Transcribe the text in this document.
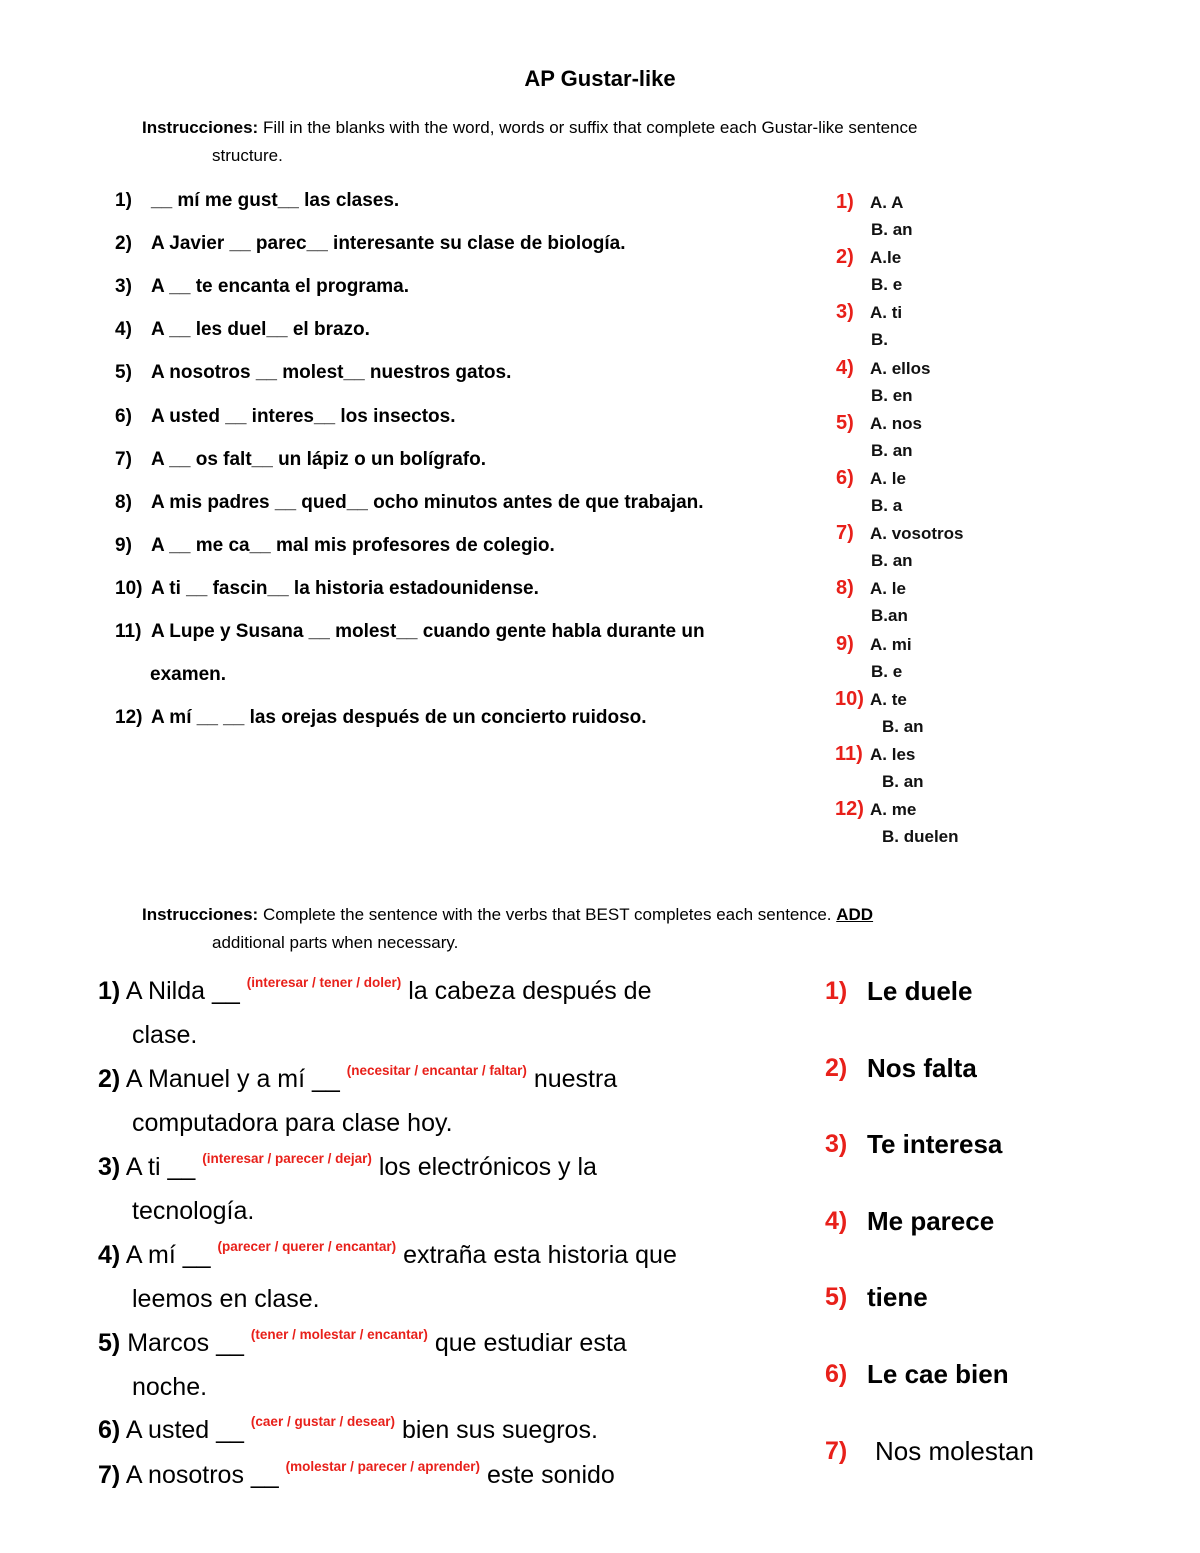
AP Gustar-like
Instrucciones: Fill in the blanks with the word, words or suffix that complete each Gustar-like sentence
structure.
1) __ mí me gust__ las clases.
2) A Javier __ parec__ interesante su clase de biología.
3) A __ te encanta el programa.
4) A __ les duel__ el brazo.
5) A nosotros __ molest__ nuestros gatos.
6) A usted __ interes__ los insectos.
7) A __ os falt__ un lápiz o un bolígrafo.
8) A mis padres __ qued__ ocho minutos antes de que trabajan.
9) A __ me ca__ mal mis profesores de colegio.
10) A ti __ fascin__ la historia estadounidense.
11) A Lupe y Susana __ molest__ cuando gente habla durante un
examen.
12) A mí __ __ las orejas después de un concierto ruidoso.
1) A. A
B. an
2) A.le
B. e
3) A. ti
B.
4) A. ellos
B. en
5) A. nos
B. an
6) A. le
B. a
7) A. vosotros
B. an
8) A. le
B.an
9) A. mi
B. e
10) A. te
B. an
11) A. les
B. an
12) A. me
B. duelen
Instrucciones: Complete the sentence with the verbs that BEST completes each sentence. ADD
additional parts when necessary.
1) A Nilda __ $^{(interesar / tener / doler)}$ la cabeza después de
clase.
2) A Manuel y a mí __ $^{(necesitar / encantar / faltar)}$ nuestra
computadora para clase hoy.
3) A ti __ $^{(interesar / parecer / dejar)}$ los electrónicos y la
tecnología.
4) A mí __ $^{(parecer / querer / encantar)}$ extraña esta historia que
leemos en clase.
5) Marcos __ $^{(tener / molestar / encantar)}$ que estudiar esta
noche.
6) A usted __ $^{(caer / gustar / desear)}$ bien sus suegros.
7) A nosotros __ $^{(molestar / parecer / aprender)}$ este sonido
1) Le duele
2) Nos falta
3) Te interesa
4) Me parece
5) tiene
6) Le cae bien
7) Nos molestan
